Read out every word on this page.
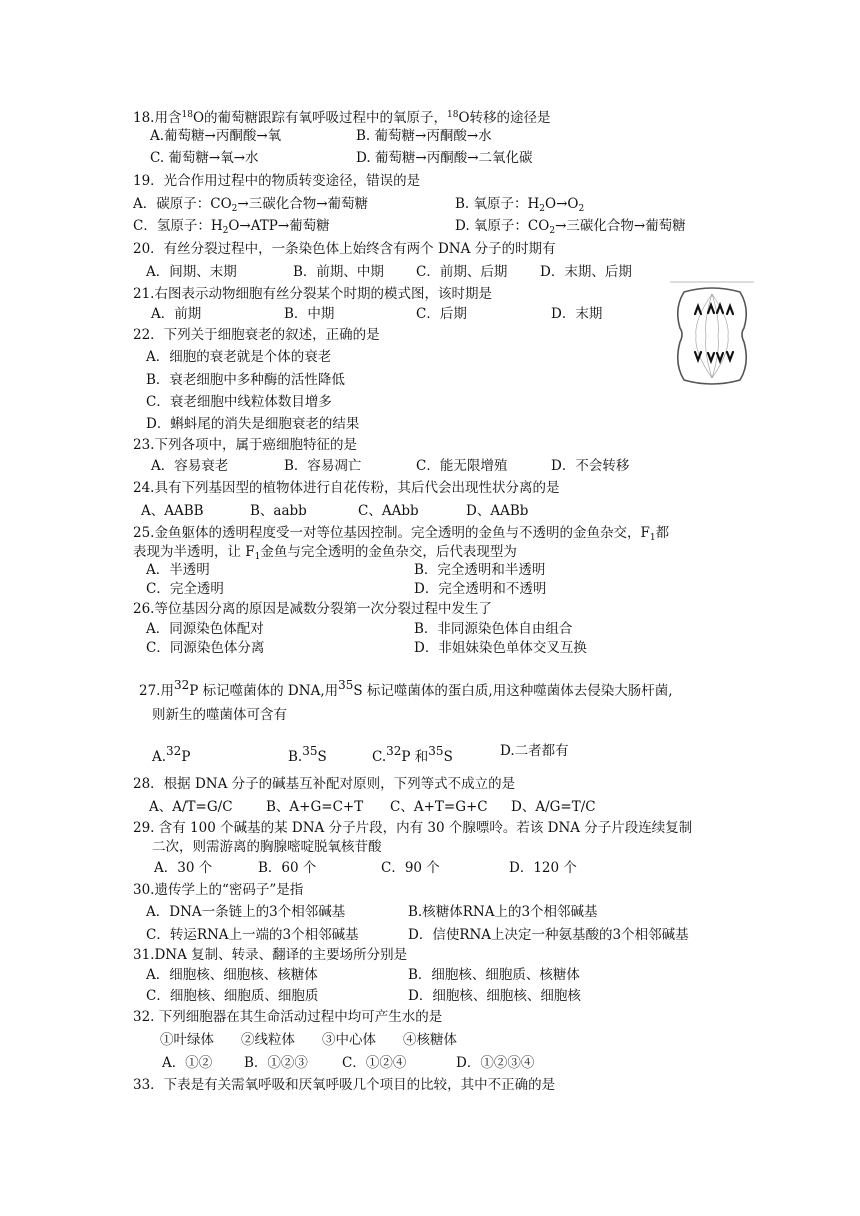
18.用含$^{18}$O的葡萄糖跟踪有氧呼吸过程中的氧原子，$^{18}$O转移的途径是
A.葡萄糖→丙酮酸→氧	B. 葡萄糖→丙酮酸→水
C. 葡萄糖→氧→水	D. 葡萄糖→丙酮酸→二氧化碳
19．光合作用过程中的物质转变途径，错误的是
A．碳原子：$CO_2\to$三碳化合物→葡萄糖	B. 氧原子：$H_2O\to O_2$
C．氢原子：$H_2O\to ATP\to$葡萄糖	D. 氧原子：$CO_2\to$三碳化合物→葡萄糖
20．有丝分裂过程中，一条染色体上始终含有两个 DNA 分子的时期有
A．间期、末期	B．前期、中期 C．前期、后期 D．末期、后期
21.右图表示动物细胞有丝分裂某个时期的模式图，该时期是
A．前期	B．中期	C．后期	D．末期
22．下列关于细胞衰老的叙述，正确的是
A．细胞的衰老就是个体的衰老
B．衰老细胞中多种酶的活性降低
C．衰老细胞中线粒体数目增多
D．蝌蚪尾的消失是细胞衰老的结果
23.下列各项中，属于癌细胞特征的是
A．容易衰老	B．容易凋亡	C．能无限增殖	D．不会转移
24.具有下列基因型的植物体进行自花传粉，其后代会出现性状分离的是
A、AABB	B、aabb	C、AAbb	D、AABb
25.金鱼躯体的透明程度受一对等位基因控制。完全透明的金鱼与不透明的金鱼杂交，$F_1$都
表现为半透明，让 $F_1$金鱼与完全透明的金鱼杂交，后代表现型为
A．半透明	B．完全透明和半透明
C．完全透明	D．完全透明和不透明
26.等位基因分离的原因是减数分裂第一次分裂过程中发生了
A．同源染色体配对	B．非同源染色体自由组合
C．同源染色体分离	D．非姐妹染色单体交叉互换
27.用32P 标记噬菌体的 DNA,用35S 标记噬菌体的蛋白质,用这种噬菌体去侵染大肠杆菌,
则新生的噬菌体可含有
A.32P	B.35S	C.32P 和35S	D.二者都有
28．根据 DNA 分子的碱基互补配对原则，下列等式不成立的是
A、A/T=G/C B、A+G=C+T C、A+T=G+C D、A/G=T/C
29. 含有 100 个碱基的某 DNA 分子片段，内有 30 个腺嘌呤。若该 DNA 分子片段连续复制
二次，则需游离的胸腺嘧啶脱氧核苷酸
A．30 个	B．60 个	C．90 个	D．120 个
30.遗传学上的“密码子”是指
A．DNA一条链上的3个相邻碱基	B.核糖体RNA上的3个相邻碱基
C．转运RNA上一端的3个相邻碱基	D．信使RNA上决定一种氨基酸的3个相邻碱基
31.DNA 复制、转录、翻译的主要场所分别是
A．细胞核、细胞核、核糖体	B．细胞核、细胞质、核糖体
C．细胞核、细胞质、细胞质	D．细胞核、细胞核、细胞核
32. 下列细胞器在其生命活动过程中均可产生水的是
①叶绿体　　②线粒体　　③中心体　　④核糖体
A．①② B．①②③	C．①②④	D．①②③④
33．下表是有关需氧呼吸和厌氧呼吸几个项目的比较，其中不正确的是
